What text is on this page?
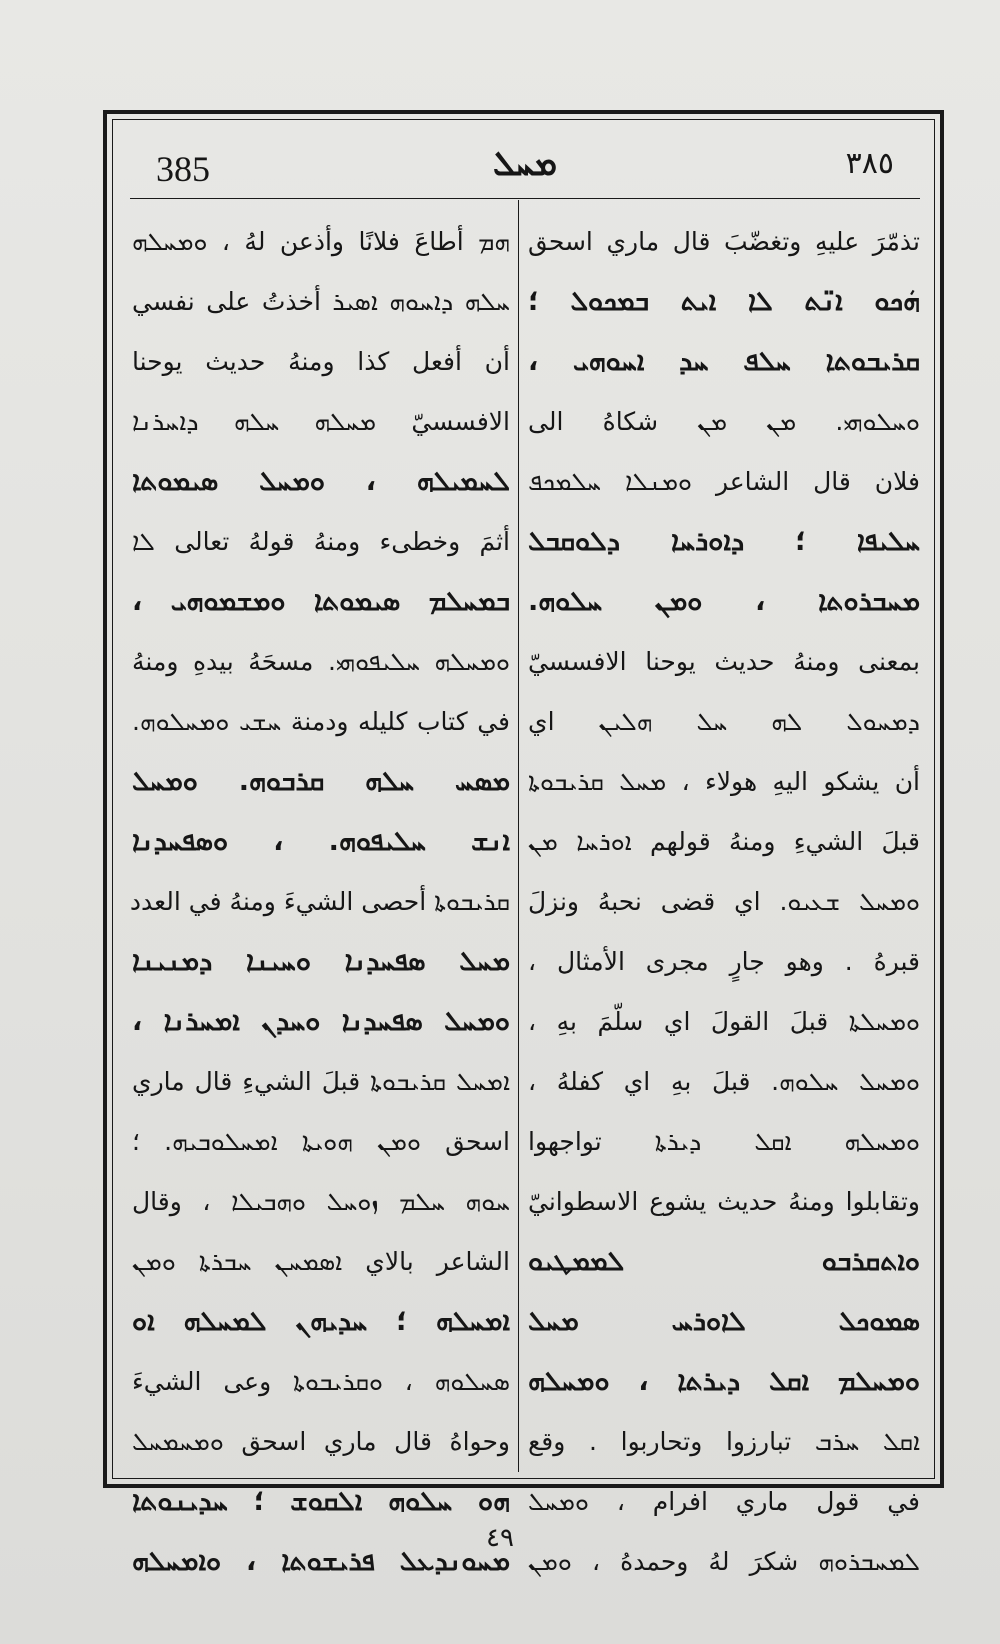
385	ܡܚܠ	٣٨٥
تذمّرَ عليهِ وتغضّبَ قال ماري اسحق
ܗܿܟܘ ܐܢ̈ܬ ܠܐ ܐܝܬ ܒܡܟܘܠ ؛
ܩܪܝܒܘܬܐ ܚܠܦ ܚܕ ܐܚܘܗܝ ،
ܘܚܠܘܗܝ. ܡܢ ܡܢ شكاهُ الى
فلان قال الشاعر ܘܡܢܠܐ ܚܠܡܟܦ
ܚܠܝܦܐ ؛ ܕܐܘܪܚܐ ܕܠܘܩܒܠ
ܡܚܒܪܘܬܐ ، ܘܡܢ ܚܠܘܗ.
بمعنى ومنهُ حديث يوحنا الافسسيّ
ܕܡܚܘܠ ܠܗ ܚܠ ܗܠܝܢ اي
أن يشكو اليهِ هولاء ، ܡܚܠ ܩܪܝܒܘܬܐ
قبلَ الشيءِ ومنهُ قولهم ܐܘܪܚܐ ܡܢ
ܘܡܚܠ ܫܥܝܘ. اي قضى نحبهُ ونزلَ
قبرهُ . وهو جارٍ مجرى الأمثال ،
ܘܡܚܠܬܐ قبلَ القولَ اي سلّمَ بهِ ،
ܘܡܚܠ ܚܠܘܗ. قبلَ بهِ اي كفلهُ ،
ܘܡܚܠܗ ܐܩܠ ܕܝܪܬܐ تواجهوا
وتقابلوا ومنهُ حديث يشوع الاسطوانيّ
ܘܐܬܩܪܒܘ ܠܡܡܛܝܘ
ܣܡܘܟܠ ܠܐܘܪܚ ܡܚܠ
ܘܡܚܠܡ ܐܩܠ ܕܝܪܬܐ ، ܘܡܚܠܗ
ܐܩܠ ܚܪܒ تبارزوا وتحاربوا . وقع
في قول ماري افرام ، ܘܡܚܠ
ܠܡܚܒܪܘܗ شكرَ لهُ وحمدهُ ، ܘܡܢ
ܗܡ أطاعَ فلانًا وأذعن لهُ ، ܘܡܚܠܗ
ܚܠܗ ܕܐܚܘܗ ܐܣܝܪ أخذتُ على نفسي
أن أفعل كذا ومنهُ حديث يوحنا
الافسسيّ ܡܚܠܗ ܚܠܗ ܕܐܚܪܢܐ
ܠܚܡܝܠܗ ، ܘܡܚܠ ܣܝܡܘܬܐ
أثمَ وخطىء ومنهُ قولهُ تعالى ܠܐ
ܒܡܚܠܡ ܣܝܡܘܬܐ ܘܡܫܡܘܗܝ ،
ܘܡܚܠܗ ܚܠܝܦܘܗܝ. مسحَهُ بيدهِ ومنهُ
في كتاب كليله ودمنة ܚܫܝ ܘܡܚܠܘܗ.
ܡܣܚ ܚܠܗ ܩܪܒܘܗ. ܘܡܚܠ
ܐܢܫ ܚܠܝܦܘܗ. ، ܘܣܦܚܕܢܐ
ܩܪܝܒܘܬܐ أحصى الشيءَ ومنهُ في العدد
ܡܚܠ ܣܦܚܕܢܐ ܘܚܝܢܐ ܕܡܢܝܢܐ
ܘܡܚܠ ܣܦܚܕܢܐ ܘܚܕܢ ܐܡܚܪܢܐ ،
ܐܡܚܠ ܩܪܝܒܘܬܐ قبلَ الشيءِ قال ماري
اسحق ܘܡܢ ܗܘܝܬܐ ܐܡܚܠܘܒܝܗ. ؛
ܚܘܗ ܚܠܡ ܙܘܚܠ ܘܗܒܝܠܐ ، وقال
الشاعر بالاي ܐܣܡܚܢ ܚܒܪܬܐ ܘܡܢ
ܐܡܚܠܗ ؛ ܚܕܝܗܢ ܠܡܚܠܗ ܐܘ
ܣܚܠܘܗ ، ܘܩܪܝܒܘܬܐ وعى الشيءَ
وحواهُ قال ماري اسحق ܘܡܚܡܚܠ
ܗܘ ܚܠܘܗ ܐܠܩܘܫ ؛ ܚܕܝܢܘܬܐ
ܡܚܘܢܕܥܠ ܦܪܝܫܘܬܐ ، ܘܐܡܚܠܗ
٤٩
